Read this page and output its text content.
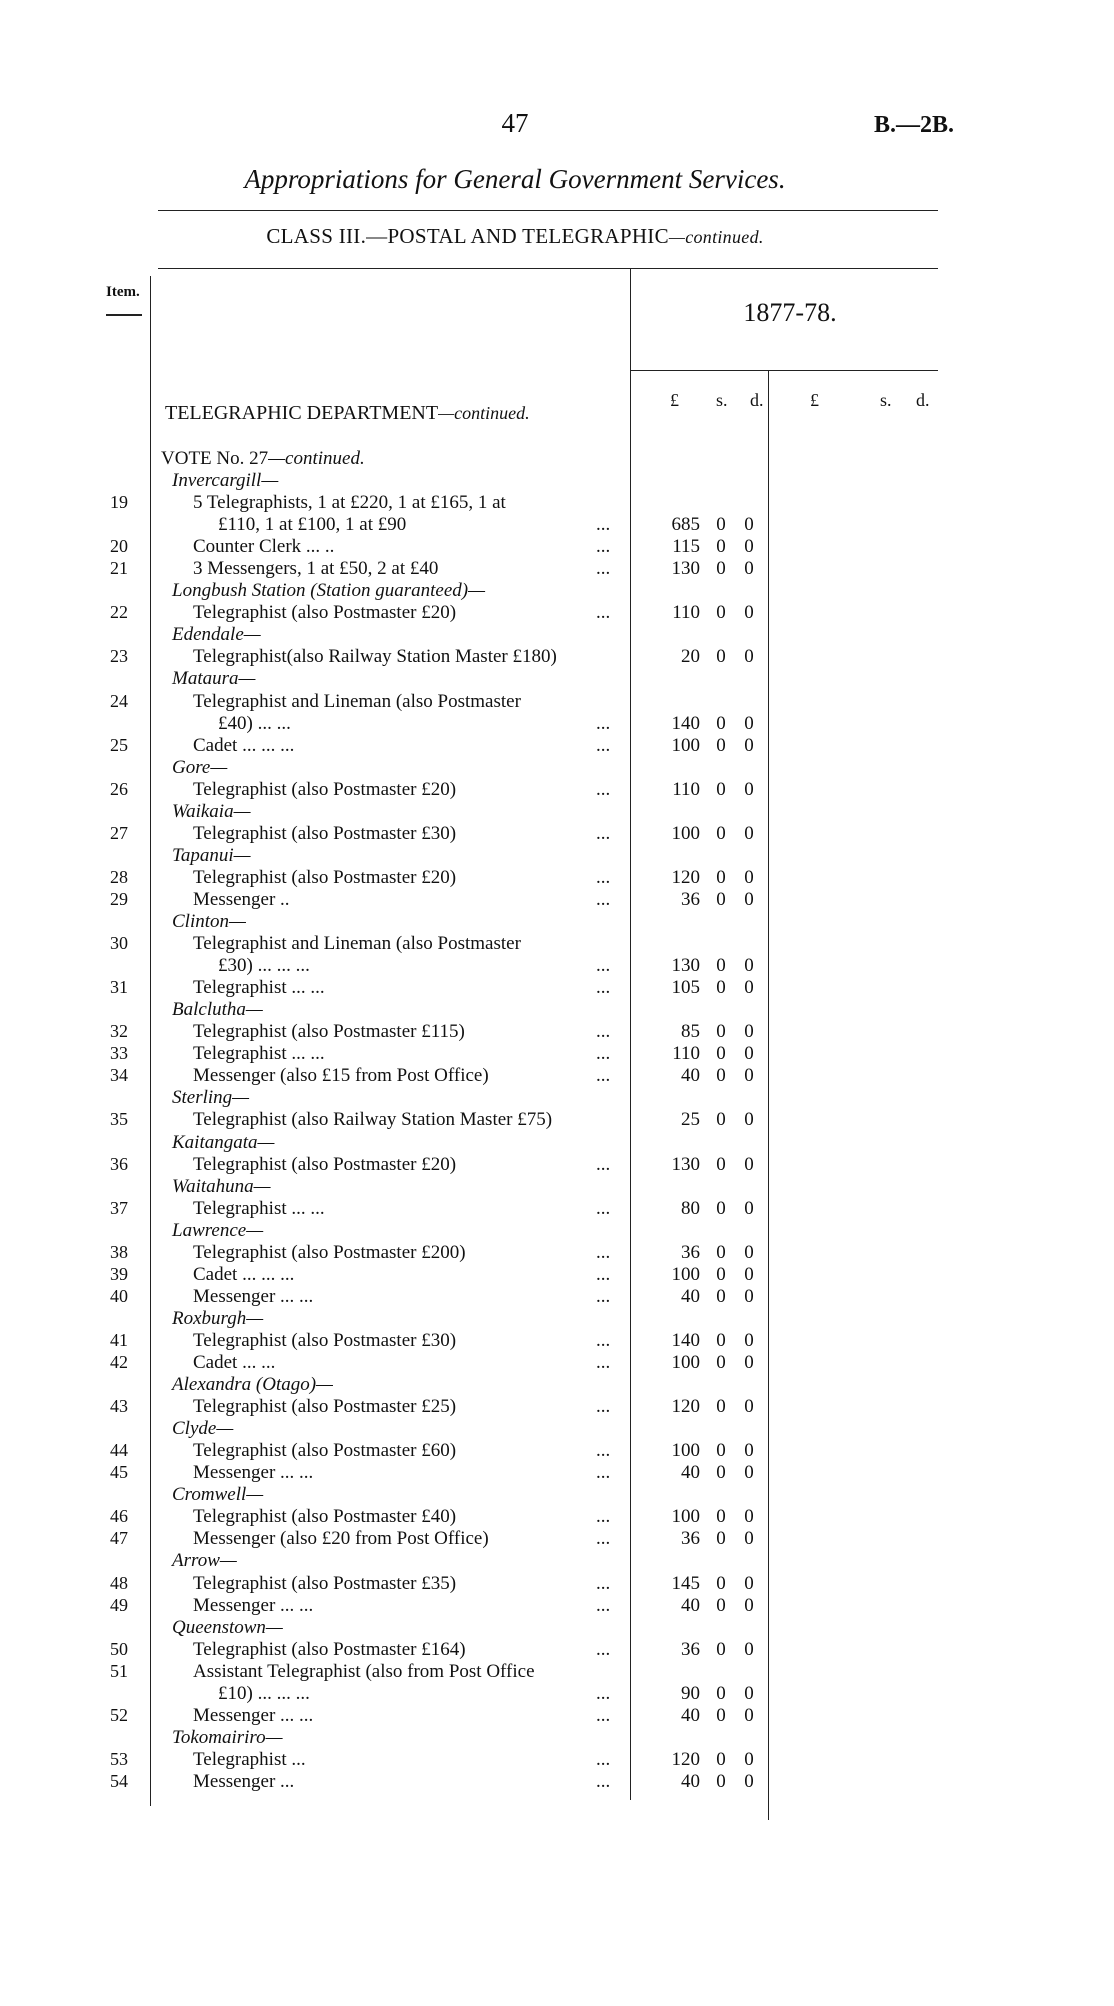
47	B.—2B.
Appropriations for General Government Services.
CLASS III.—POSTAL AND TELEGRAPHIC—continued.
Item.
1877-78.
£ s. d.	£	s. d.
TELEGRAPHIC DEPARTMENT—continued.
VOTE No. 27—continued.
Invercargill—
19	5 Telegraphists, 1 at £220, 1 at £165, 1 at
£110, 1 at £100, 1 at £90	...	685 0 0
20	Counter Clerk ... ..	...	115 0 0
21	3 Messengers, 1 at £50, 2 at £40	...	130 0 0
Longbush Station (Station guaranteed)—
22	Telegraphist (also Postmaster £20)	...	110 0 0
Edendale—
23	Telegraphist(also Railway Station Master £180)	20 0 0
Mataura—
24	Telegraphist and Lineman (also Postmaster
£40) ... ...	...	140 0 0
25	Cadet ... ... ...	...	100 0 0
Gore—
26	Telegraphist (also Postmaster £20)	...	110 0 0
Waikaia—
27	Telegraphist (also Postmaster £30)	...	100 0 0
Tapanui—
28	Telegraphist (also Postmaster £20)	...	120 0 0
29	Messenger ..	...	36 0 0
Clinton—
30	Telegraphist and Lineman (also Postmaster
£30) ... ... ...	...	130 0 0
31	Telegraphist ... ...	...	105 0 0
Balclutha—
32	Telegraphist (also Postmaster £115)	...	85 0 0
33	Telegraphist ... ...	...	110 0 0
34	Messenger (also £15 from Post Office)	...	40 0 0
Sterling—
35	Telegraphist (also Railway Station Master £75)	25 0 0
Kaitangata—
36	Telegraphist (also Postmaster £20)	...	130 0 0
Waitahuna—
37	Telegraphist ... ...	...	80 0 0
Lawrence—
38	Telegraphist (also Postmaster £200)	...	36 0 0
39	Cadet ... ... ...	...	100 0 0
40	Messenger ... ...	...	40 0 0
Roxburgh—
41	Telegraphist (also Postmaster £30)	...	140 0 0
42	Cadet ... ...	...	100 0 0
Alexandra (Otago)—
43	Telegraphist (also Postmaster £25)	...	120 0 0
Clyde—
44	Telegraphist (also Postmaster £60)	...	100 0 0
45	Messenger ... ...	...	40 0 0
Cromwell—
46	Telegraphist (also Postmaster £40)	...	100 0 0
47	Messenger (also £20 from Post Office)	...	36 0 0
Arrow—
48	Telegraphist (also Postmaster £35)	...	145 0 0
49	Messenger ... ...	...	40 0 0
Queenstown—
50	Telegraphist (also Postmaster £164)	...	36 0 0
51	Assistant Telegraphist (also from Post Office
£10) ... ... ...	...	90 0 0
52	Messenger ... ...	...	40 0 0
Tokomairiro—
53	Telegraphist ...	...	120 0 0
54	Messenger ...	...	40 0 0
